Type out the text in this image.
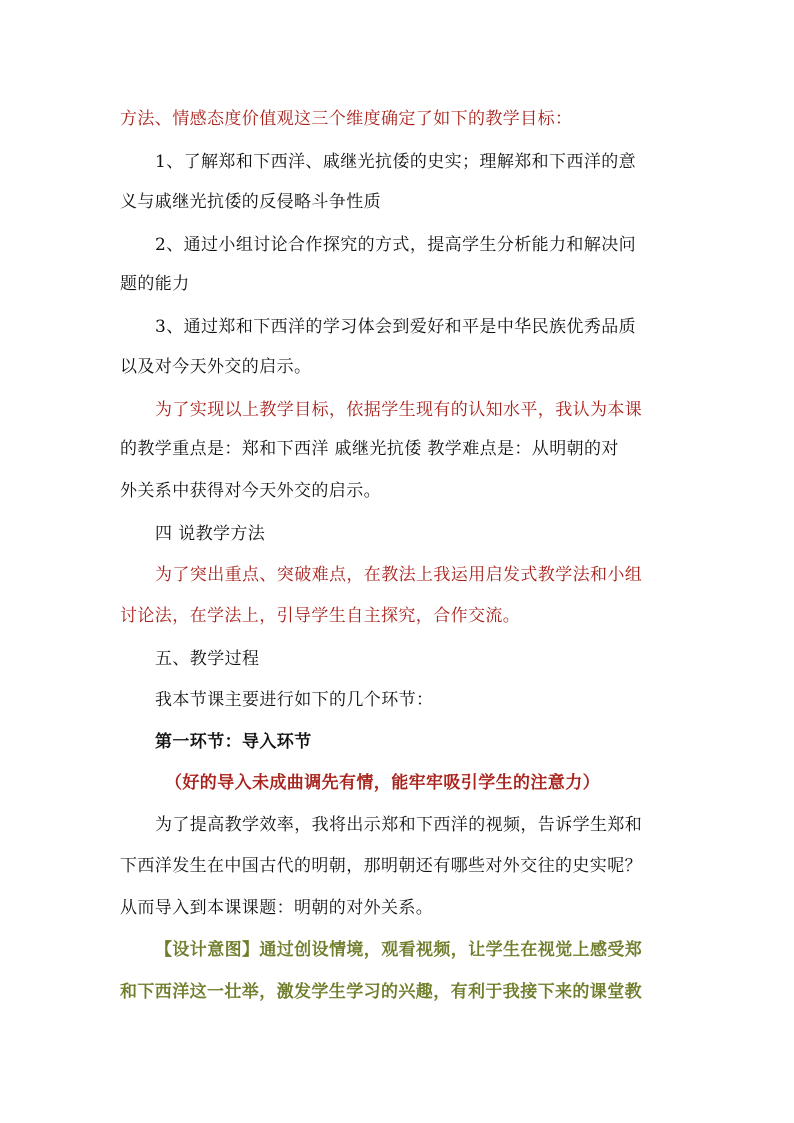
方法、情感态度价值观这三个维度确定了如下的教学目标：
1、了解郑和下西洋、戚继光抗倭的史实；理解郑和下西洋的意
义与戚继光抗倭的反侵略斗争性质
2、通过小组讨论合作探究的方式，提高学生分析能力和解决问
题的能力
3、通过郑和下西洋的学习体会到爱好和平是中华民族优秀品质
以及对今天外交的启示。
为了实现以上教学目标，依据学生现有的认知水平，我认为本课
的教学重点是：郑和下西洋 戚继光抗倭 教学难点是：从明朝的对
外关系中获得对今天外交的启示。
四 说教学方法
为了突出重点、突破难点，在教法上我运用启发式教学法和小组
讨论法，在学法上，引导学生自主探究，合作交流。
五、教学过程
我本节课主要进行如下的几个环节：
第一环节：导入环节
（好的导入未成曲调先有情，能牢牢吸引学生的注意力）
为了提高教学效率，我将出示郑和下西洋的视频，告诉学生郑和
下西洋发生在中国古代的明朝，那明朝还有哪些对外交往的史实呢？
从而导入到本课课题：明朝的对外关系。
【设计意图】通过创设情境，观看视频，让学生在视觉上感受郑
和下西洋这一壮举，激发学生学习的兴趣，有利于我接下来的课堂教
